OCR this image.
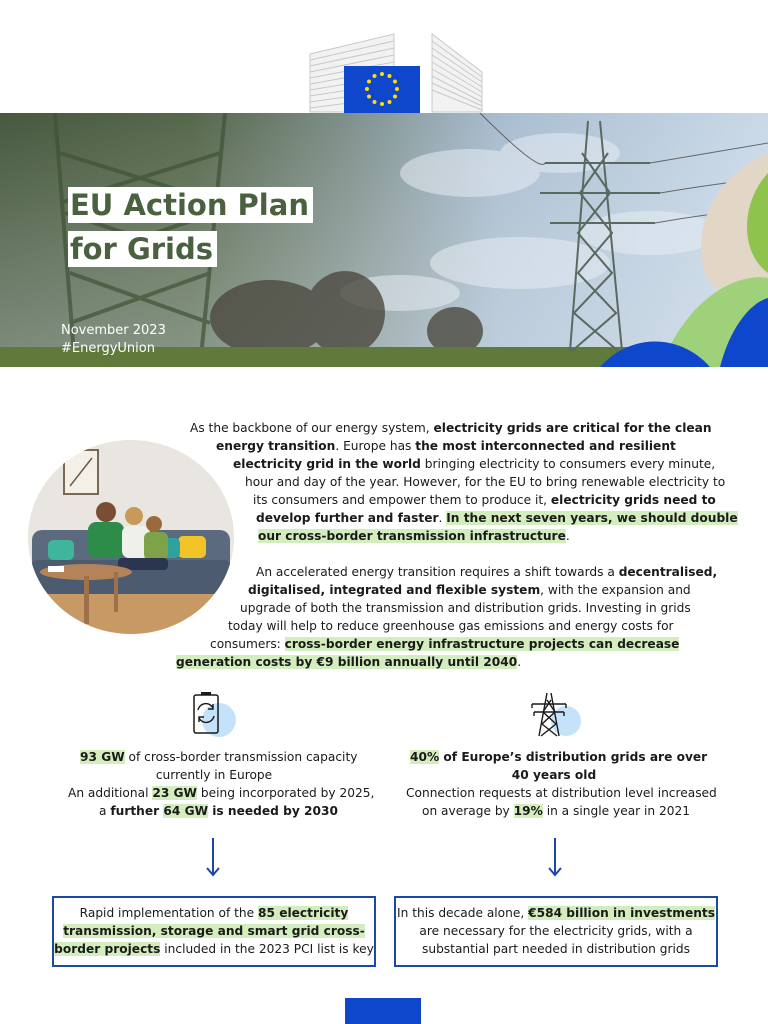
EU Action Plan
for Grids
November 2023
#EnergyUnion
As the backbone of our energy system, electricity grids are critical for the clean
energy transition. Europe has the most interconnected and resilient
electricity grid in the world bringing electricity to consumers every minute,
hour and day of the year. However, for the EU to bring renewable electricity to
its consumers and empower them to produce it, electricity grids need to
develop further and faster. In the next seven years, we should double
our cross-border transmission infrastructure.
An accelerated energy transition requires a shift towards a decentralised,
digitalised, integrated and flexible system, with the expansion and
upgrade of both the transmission and distribution grids. Investing in grids
today will help to reduce greenhouse gas emissions and energy costs for
consumers: cross-border energy infrastructure projects can decrease
generation costs by €9 billion annually until 2040.
93 GW of cross-border transmission capacity
currently in Europe
An additional 23 GW being incorporated by 2025,
a further 64 GW is needed by 2030
40% of Europe’s distribution grids are over
40 years old
Connection requests at distribution level increased
on average by 19% in a single year in 2021
Rapid implementation of the 85 electricity
transmission, storage and smart grid cross-
border projects included in the 2023 PCI list is key
In this decade alone, €584 billion in investments
are necessary for the electricity grids, with a
substantial part needed in distribution grids
